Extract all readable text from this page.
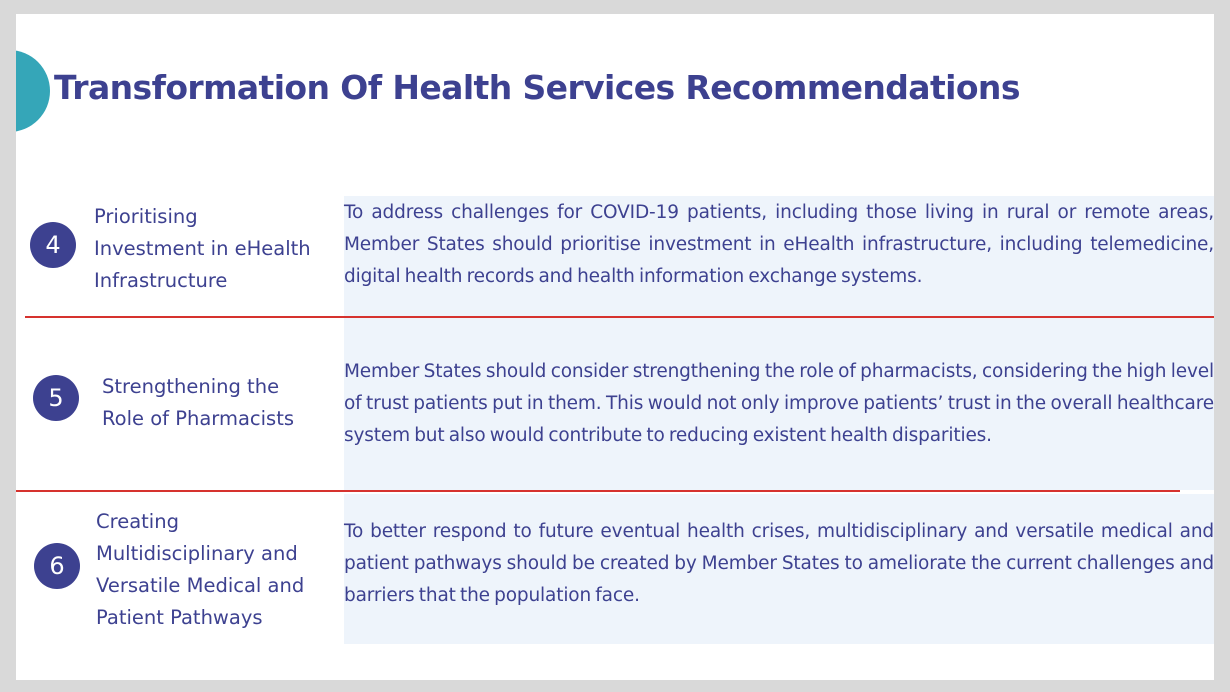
Transformation Of Health Services Recommendations
4
Prioritising
Investment in eHealth
Infrastructure

To address challenges for COVID-19 patients, including those living in rural or remote areas, Member States should prioritise investment in eHealth infrastructure, including telemedicine, digital health records and health information exchange systems.

5	Strengthening the
Role of Pharmacists

Member States should consider strengthening the role of pharmacists, considering the high level of trust patients put in them. This would not only improve patients’ trust in the overall healthcare system but also would contribute to reducing existent health disparities.

6
Creating
Multidisciplinary and
Versatile Medical and
Patient Pathways

To better respond to future eventual health crises, multidisciplinary and versatile medical and patient pathways should be created by Member States to ameliorate the current challenges and barriers that the population face.
